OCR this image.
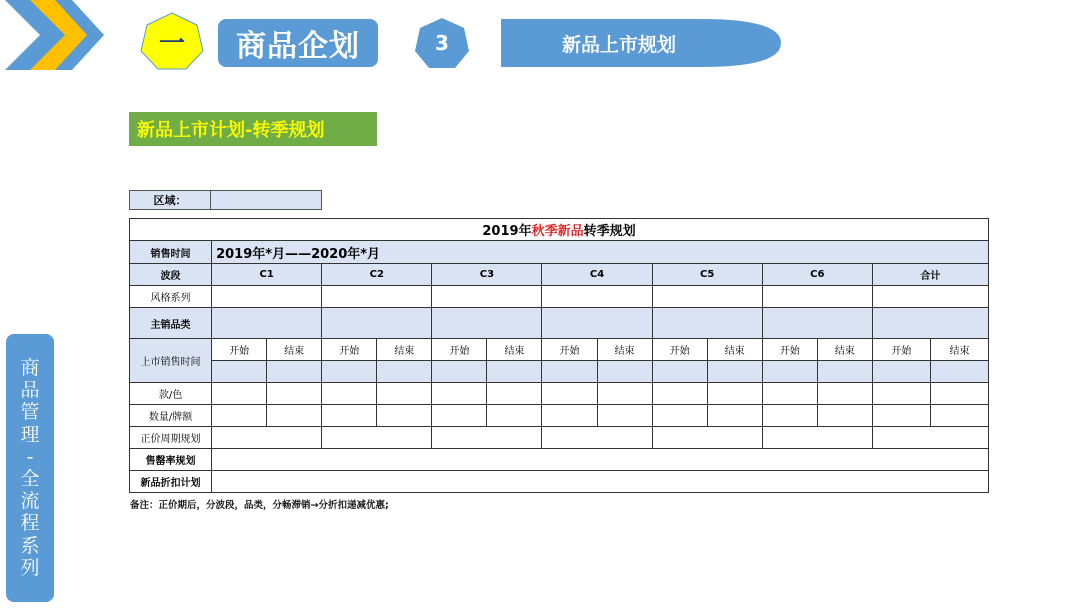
一	商品企划	3	新品上市规划
新品上市计划-转季规划
区域：
2019年秋季新品转季规划														
销售时间	2019年*月——2020年*月													
波段	C1		C2		C3		C4		C5		C6		合计	
风格系列														
主销品类														
上市销售时间	开始	结束	开始	结束	开始	结束	开始	结束	开始	结束	开始	结束	开始	结束

款/色														
数量/牌额														
正价周期规划														
售罄率规划														
新品折扣计划														
备注：正价期后，分波段，品类，分畅滞销→分折扣递减优惠;
商
品
管
理
-
全
流
程
系
列
